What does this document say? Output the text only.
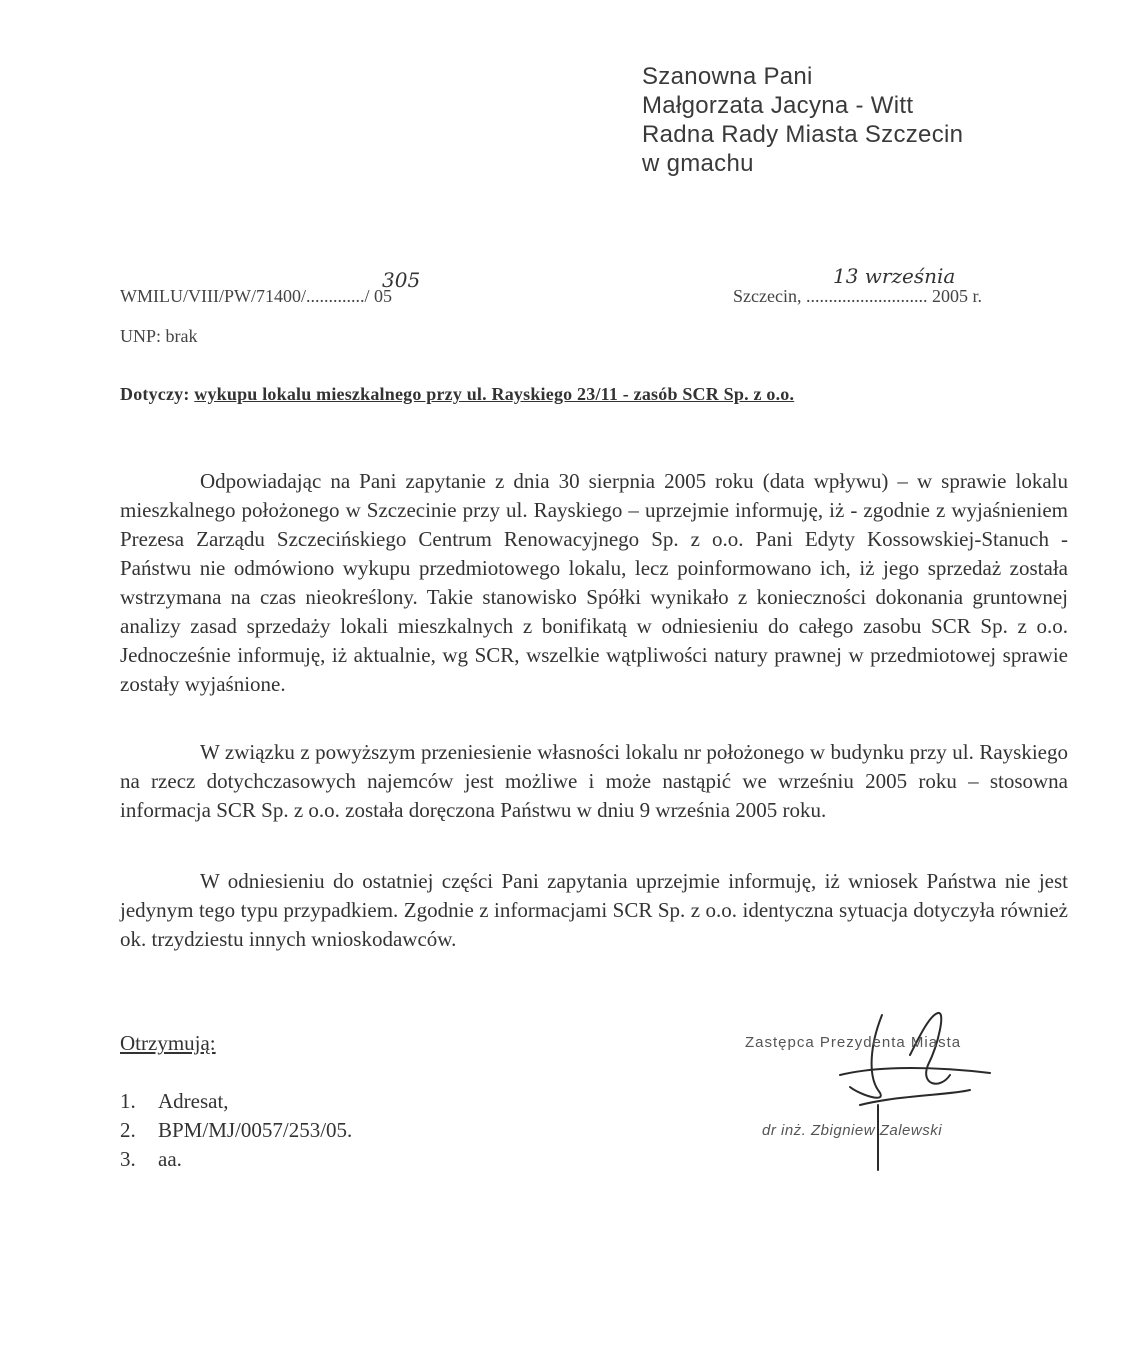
Szanowna Pani
Małgorzata Jacyna - Witt
Radna Rady Miasta Szczecin
w gmachu
WMILU/VIII/PW/71400/............./ 05
305
UNP: brak
Szczecin, ........................... 2005 r.
13 września
Dotyczy: wykupu lokalu mieszkalnego przy ul. Rayskiego 23/11 - zasób SCR Sp. z o.o.
Odpowiadając na Pani zapytanie z dnia 30 sierpnia 2005 roku (data wpływu) – w sprawie lokalu mieszkalnego położonego w Szczecinie przy ul. Rayskiego – uprzejmie informuję, iż - zgodnie z wyjaśnieniem Prezesa Zarządu Szczecińskiego Centrum Renowacyjnego Sp. z o.o. Pani Edyty Kossowskiej-Stanuch - Państwu nie odmówiono wykupu przedmiotowego lokalu, lecz poinformowano ich, iż jego sprzedaż została wstrzymana na czas nieokreślony. Takie stanowisko Spółki wynikało z konieczności dokonania gruntownej analizy zasad sprzedaży lokali mieszkalnych z bonifikatą w odniesieniu do całego zasobu SCR Sp. z o.o. Jednocześnie informuję, iż aktualnie, wg SCR, wszelkie wątpliwości natury prawnej w przedmiotowej sprawie zostały wyjaśnione.
W związku z powyższym przeniesienie własności lokalu nr położonego w budynku przy ul. Rayskiego na rzecz dotychczasowych najemców jest możliwe i może nastąpić we wrześniu 2005 roku – stosowna informacja SCR Sp. z o.o. została doręczona Państwu w dniu 9 września 2005 roku.
W odniesieniu do ostatniej części Pani zapytania uprzejmie informuję, iż wniosek Państwa nie jest jedynym tego typu przypadkiem. Zgodnie z informacjami SCR Sp. z o.o. identyczna sytuacja dotyczyła również ok. trzydziestu innych wnioskodawców.
Otrzymują:
1.	Adresat,
2.	BPM/MJ/0057/253/05.
3.	aa.
Zastępca Prezydenta Miasta
dr inż. Zbigniew Zalewski
